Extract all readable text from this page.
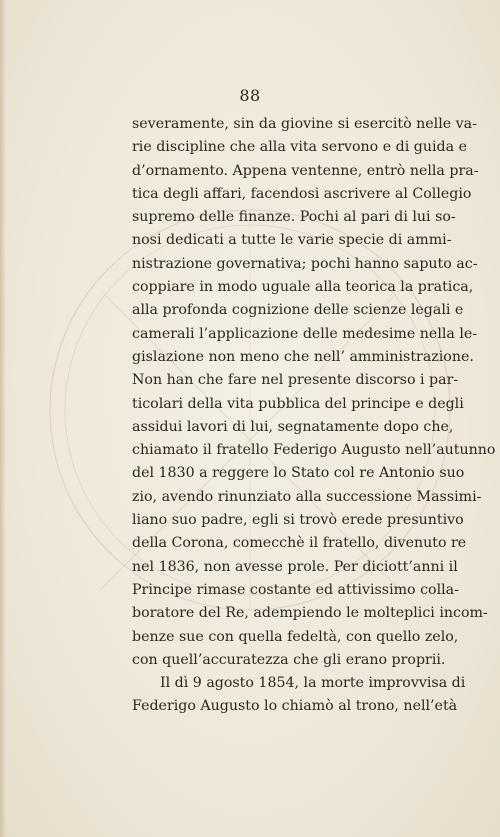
88
severamente, sin da giovine si esercitò nelle va-
rie discipline che alla vita servono e di guida e
d’ornamento. Appena ventenne, entrò nella pra-
tica degli affari, facendosi ascrivere al Collegio
supremo delle finanze. Pochi al pari di lui so-
nosi dedicati a tutte le varie specie di ammi-
nistrazione governativa; pochi hanno saputo ac-
coppiare in modo uguale alla teorica la pratica,
alla profonda cognizione delle scienze legali e
camerali l’applicazione delle medesime nella le-
gislazione non meno che nell’ amministrazione.
Non han che fare nel presente discorso i par-
ticolari della vita pubblica del principe e degli
assidui lavori di lui, segnatamente dopo che,
chiamato il fratello Federigo Augusto nell’autunno
del 1830 a reggere lo Stato col re Antonio suo
zio, avendo rinunziato alla successione Massimi-
liano suo padre, egli si trovò erede presuntivo
della Corona, comecchè il fratello, divenuto re
nel 1836, non avesse prole. Per diciott’anni il
Principe rimase costante ed attivissimo colla-
boratore del Re, adempiendo le molteplici incom-
benze sue con quella fedeltà, con quello zelo,
con quell’accuratezza che gli erano proprii.
Il dì 9 agosto 1854, la morte improvvisa di
Federigo Augusto lo chiamò al trono, nell’età
